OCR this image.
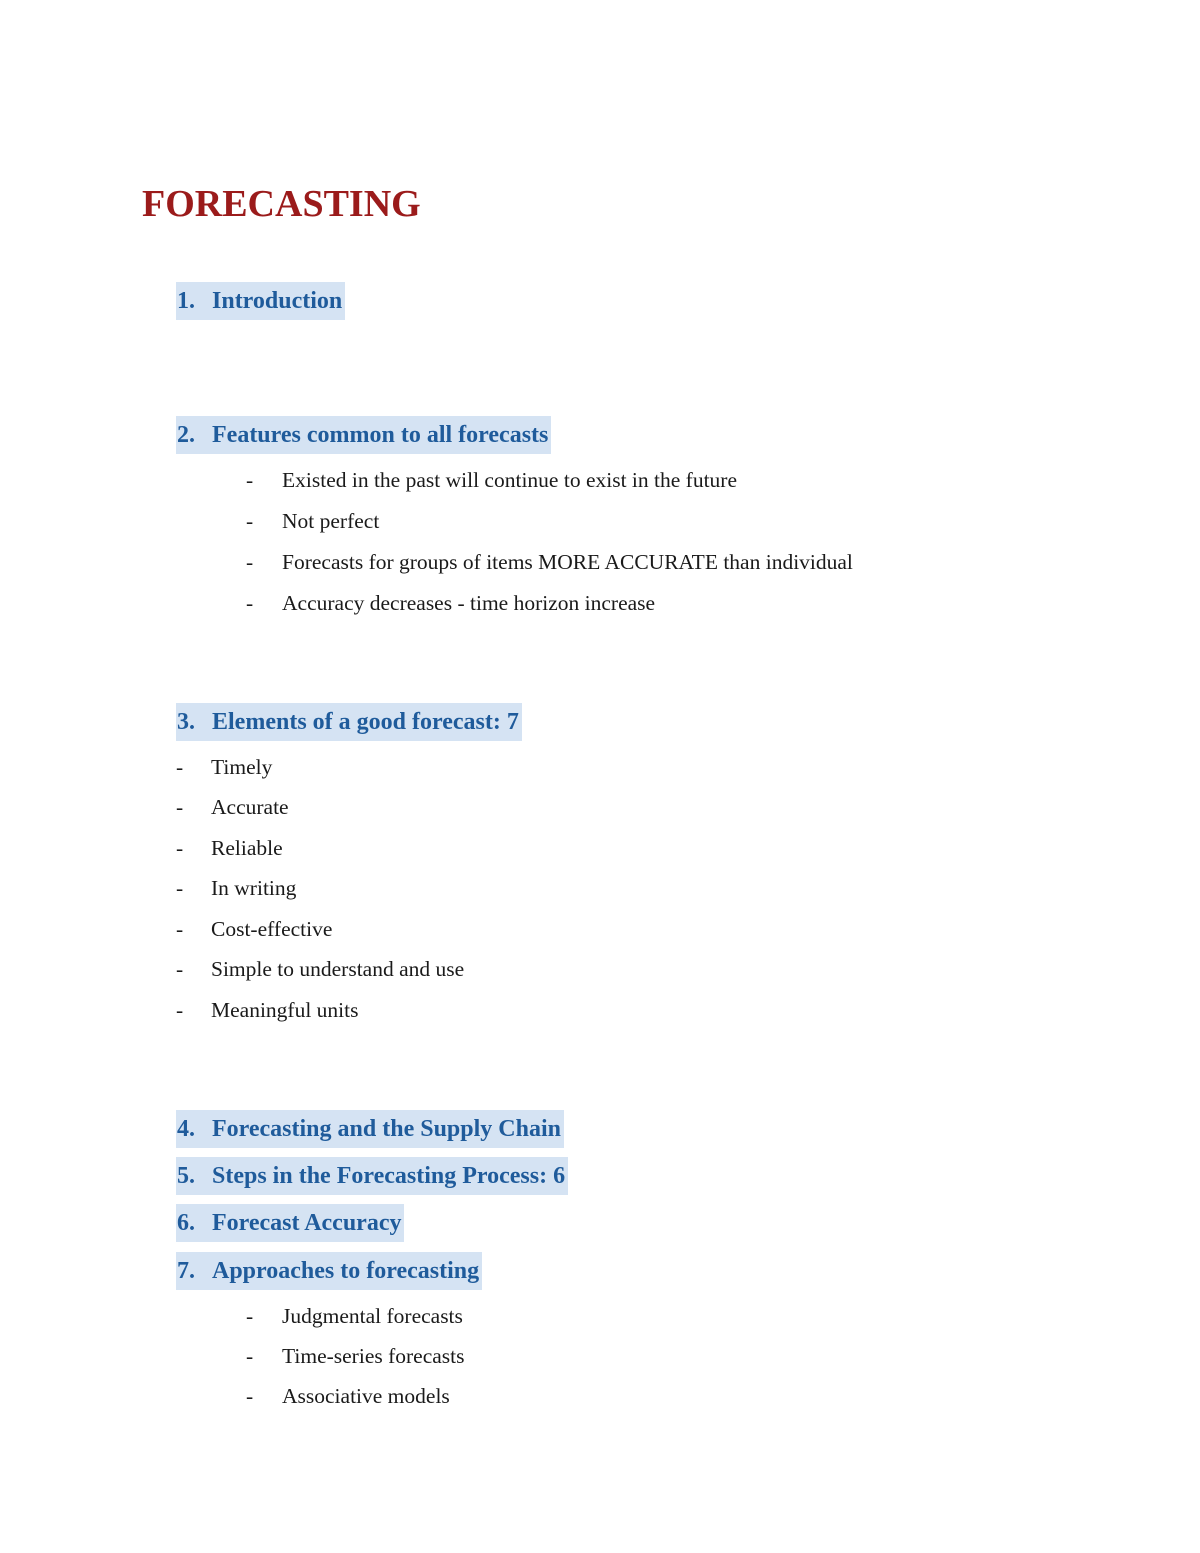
FORECASTING
1. Introduction
2. Features common to all forecasts
- Existed in the past will continue to exist in the future
- Not perfect
- Forecasts for groups of items MORE ACCURATE than individual
- Accuracy decreases - time horizon increase
3. Elements of a good forecast: 7
- Timely
- Accurate
- Reliable
- In writing
- Cost-effective
- Simple to understand and use
- Meaningful units
4. Forecasting and the Supply Chain
5. Steps in the Forecasting Process: 6
6. Forecast Accuracy
7. Approaches to forecasting
- Judgmental forecasts
- Time-series forecasts
- Associative models
